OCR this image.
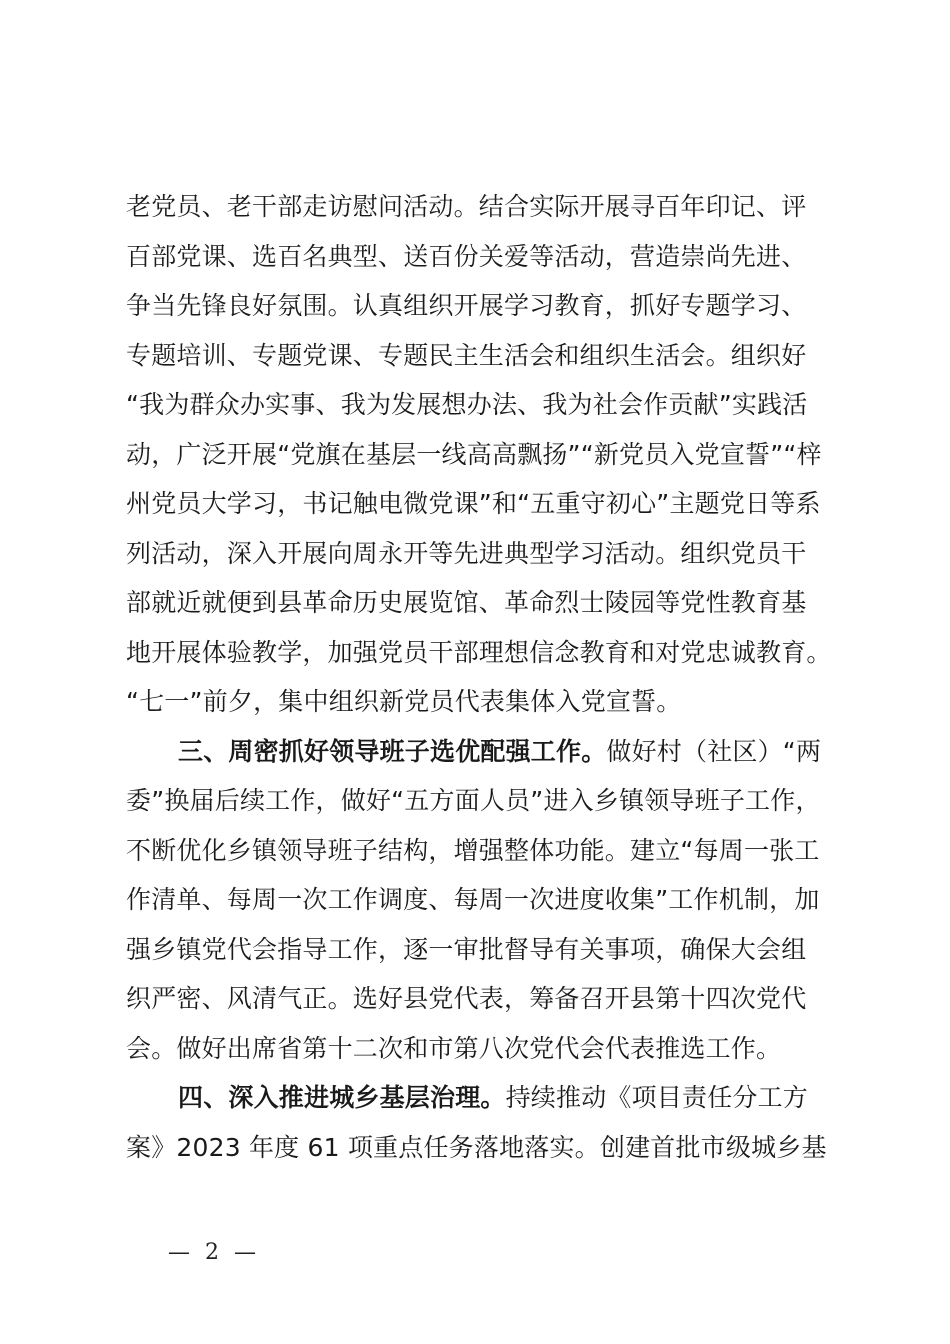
老党员、老干部走访慰问活动。结合实际开展寻百年印记、评
百部党课、选百名典型、送百份关爱等活动，营造崇尚先进、
争当先锋良好氛围。认真组织开展学习教育，抓好专题学习、
专题培训、专题党课、专题民主生活会和组织生活会。组织好
“我为群众办实事、我为发展想办法、我为社会作贡献”实践活
动，广泛开展“党旗在基层一线高高飘扬”“新党员入党宣誓”“梓
州党员大学习，书记触电微党课”和“五重守初心”主题党日等系
列活动，深入开展向周永开等先进典型学习活动。组织党员干
部就近就便到县革命历史展览馆、革命烈士陵园等党性教育基
地开展体验教学，加强党员干部理想信念教育和对党忠诚教育。
“七一”前夕，集中组织新党员代表集体入党宣誓。
三、周密抓好领导班子选优配强工作。做好村（社区）“两
委”换届后续工作，做好“五方面人员”进入乡镇领导班子工作，
不断优化乡镇领导班子结构，增强整体功能。建立“每周一张工
作清单、每周一次工作调度、每周一次进度收集”工作机制，加
强乡镇党代会指导工作，逐一审批督导有关事项，确保大会组
织严密、风清气正。选好县党代表，筹备召开县第十四次党代
会。做好出席省第十二次和市第八次党代会代表推选工作。
四、深入推进城乡基层治理。持续推动《项目责任分工方
案》2023 年度 61 项重点任务落地落实。创建首批市级城乡基
— 2 —
